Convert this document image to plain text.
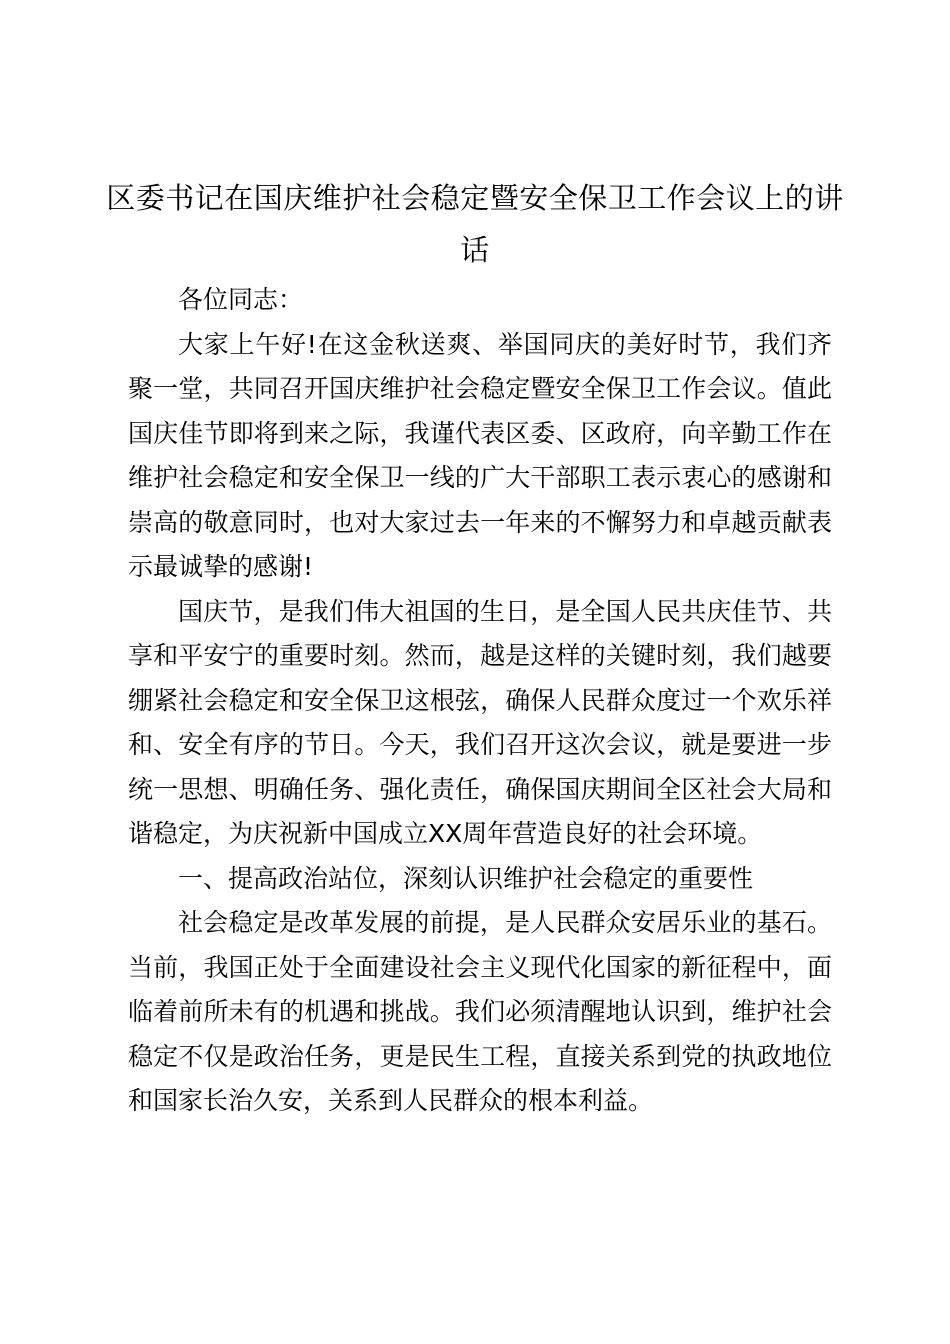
区委书记在国庆维护社会稳定暨安全保卫工作会议上的讲话

各位同志：

大家上午好!在这金秋送爽、举国同庆的美好时节，我们齐聚一堂，共同召开国庆维护社会稳定暨安全保卫工作会议。值此国庆佳节即将到来之际，我谨代表区委、区政府，向辛勤工作在维护社会稳定和安全保卫一线的广大干部职工表示衷心的感谢和崇高的敬意同时，也对大家过去一年来的不懈努力和卓越贡献表示最诚挚的感谢!

国庆节，是我们伟大祖国的生日，是全国人民共庆佳节、共享和平安宁的重要时刻。然而，越是这样的关键时刻，我们越要绷紧社会稳定和安全保卫这根弦，确保人民群众度过一个欢乐祥和、安全有序的节日。今天，我们召开这次会议，就是要进一步统一思想、明确任务、强化责任，确保国庆期间全区社会大局和谐稳定，为庆祝新中国成立XX周年营造良好的社会环境。

一、提高政治站位，深刻认识维护社会稳定的重要性

社会稳定是改革发展的前提，是人民群众安居乐业的基石。当前，我国正处于全面建设社会主义现代化国家的新征程中，面临着前所未有的机遇和挑战。我们必须清醒地认识到，维护社会稳定不仅是政治任务，更是民生工程，直接关系到党的执政地位和国家长治久安，关系到人民群众的根本利益。
